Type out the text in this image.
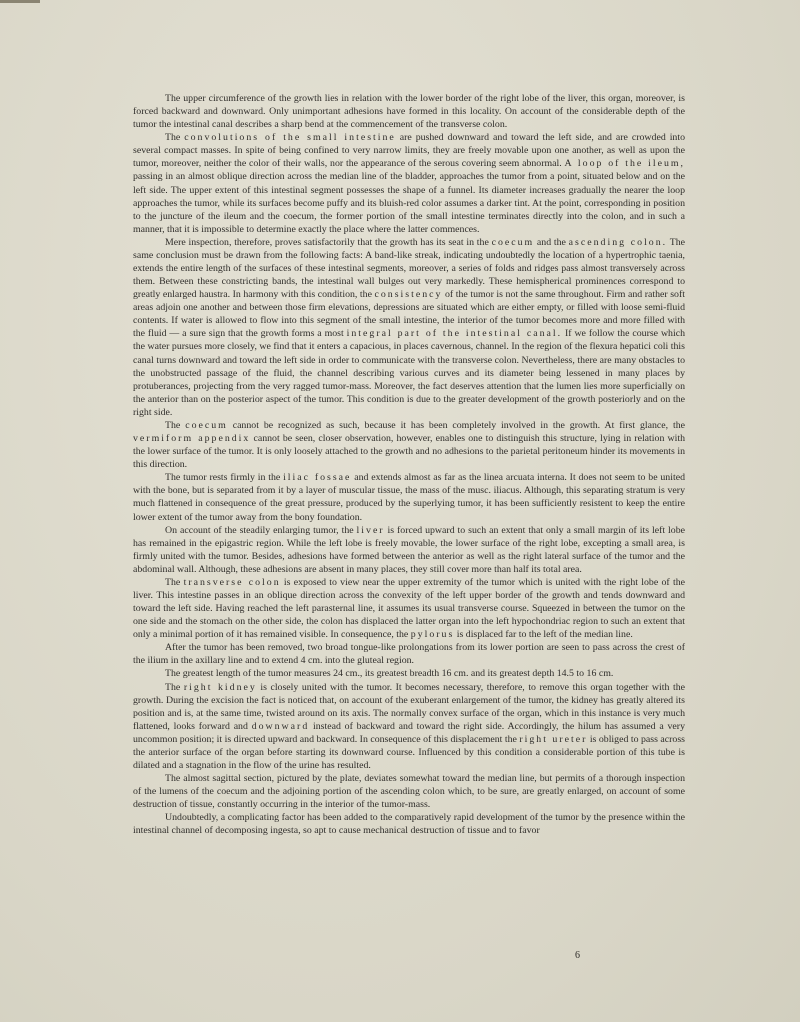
The upper circumference of the growth lies in relation with the lower border of the right lobe of the liver, this organ, moreover, is forced backward and downward. Only unimportant adhesions have formed in this locality. On account of the considerable depth of the tumor the intestinal canal describes a sharp bend at the commencement of the transverse colon.

The convolutions of the small intestine are pushed downward and toward the left side, and are crowded into several compact masses. In spite of being confined to very narrow limits, they are freely movable upon one another, as well as upon the tumor, moreover, neither the color of their walls, nor the appearance of the serous covering seem abnormal. A loop of the ileum, passing in an almost oblique direction across the median line of the bladder, approaches the tumor from a point, situated below and on the left side. The upper extent of this intestinal segment possesses the shape of a funnel. Its diameter increases gradually the nearer the loop approaches the tumor, while its surfaces become puffy and its bluish-red color assumes a darker tint. At the point, corresponding in position to the juncture of the ileum and the coecum, the former portion of the small intestine terminates directly into the colon, and in such a manner, that it is impossible to determine exactly the place where the latter commences.

Mere inspection, therefore, proves satisfactorily that the growth has its seat in the coecum and the ascending colon. The same conclusion must be drawn from the following facts: A band-like streak, indicating undoubtedly the location of a hypertrophic taenia, extends the entire length of the surfaces of these intestinal segments, moreover, a series of folds and ridges pass almost transversely across them. Between these constricting bands, the intestinal wall bulges out very markedly. These hemispherical prominences correspond to greatly enlarged haustra. In harmony with this condition, the consistency of the tumor is not the same throughout. Firm and rather soft areas adjoin one another and between those firm elevations, depressions are situated which are either empty, or filled with loose semi-fluid contents. If water is allowed to flow into this segment of the small intestine, the interior of the tumor becomes more and more filled with the fluid — a sure sign that the growth forms a most integral part of the intestinal canal. If we follow the course which the water pursues more closely, we find that it enters a capacious, in places cavernous, channel. In the region of the flexura hepatici coli this canal turns downward and toward the left side in order to communicate with the transverse colon. Nevertheless, there are many obstacles to the unobstructed passage of the fluid, the channel describing various curves and its diameter being lessened in many places by protuberances, projecting from the very ragged tumor-mass. Moreover, the fact deserves attention that the lumen lies more superficially on the anterior than on the posterior aspect of the tumor. This condition is due to the greater development of the growth posteriorly and on the right side.

The coecum cannot be recognized as such, because it has been completely involved in the growth. At first glance, the vermiform appendix cannot be seen, closer observation, however, enables one to distinguish this structure, lying in relation with the lower surface of the tumor. It is only loosely attached to the growth and no adhesions to the parietal peritoneum hinder its movements in this direction.

The tumor rests firmly in the iliac fossae and extends almost as far as the linea arcuata interna. It does not seem to be united with the bone, but is separated from it by a layer of muscular tissue, the mass of the musc. iliacus. Although, this separating stratum is very much flattened in consequence of the great pressure, produced by the superlying tumor, it has been sufficiently resistent to keep the entire lower extent of the tumor away from the bony foundation.

On account of the steadily enlarging tumor, the liver is forced upward to such an extent that only a small margin of its left lobe has remained in the epigastric region. While the left lobe is freely movable, the lower surface of the right lobe, excepting a small area, is firmly united with the tumor. Besides, adhesions have formed between the anterior as well as the right lateral surface of the tumor and the abdominal wall. Although, these adhesions are absent in many places, they still cover more than half its total area.

The transverse colon is exposed to view near the upper extremity of the tumor which is united with the right lobe of the liver. This intestine passes in an oblique direction across the convexity of the left upper border of the growth and tends downward and toward the left side. Having reached the left parasternal line, it assumes its usual transverse course. Squeezed in between the tumor on the one side and the stomach on the other side, the colon has displaced the latter organ into the left hypochondriac region to such an extent that only a minimal portion of it has remained visible. In consequence, the pylorus is displaced far to the left of the median line.

After the tumor has been removed, two broad tongue-like prolongations from its lower portion are seen to pass across the crest of the ilium in the axillary line and to extend 4 cm. into the gluteal region.

The greatest length of the tumor measures 24 cm., its greatest breadth 16 cm. and its greatest depth 14.5 to 16 cm.

The right kidney is closely united with the tumor. It becomes necessary, therefore, to remove this organ together with the growth. During the excision the fact is noticed that, on account of the exuberant enlargement of the tumor, the kidney has greatly altered its position and is, at the same time, twisted around on its axis. The normally convex surface of the organ, which in this instance is very much flattened, looks forward and downward instead of backward and toward the right side. Accordingly, the hilum has assumed a very uncommon position; it is directed upward and backward. In consequence of this displacement the right ureter is obliged to pass across the anterior surface of the organ before starting its downward course. Influenced by this condition a considerable portion of this tube is dilated and a stagnation in the flow of the urine has resulted.

The almost sagittal section, pictured by the plate, deviates somewhat toward the median line, but permits of a thorough inspection of the lumens of the coecum and the adjoining portion of the ascending colon which, to be sure, are greatly enlarged, on account of some destruction of tissue, constantly occurring in the interior of the tumor-mass.

Undoubtedly, a complicating factor has been added to the comparatively rapid development of the tumor by the presence within the intestinal channel of decomposing ingesta, so apt to cause mechanical destruction of tissue and to favor

6
